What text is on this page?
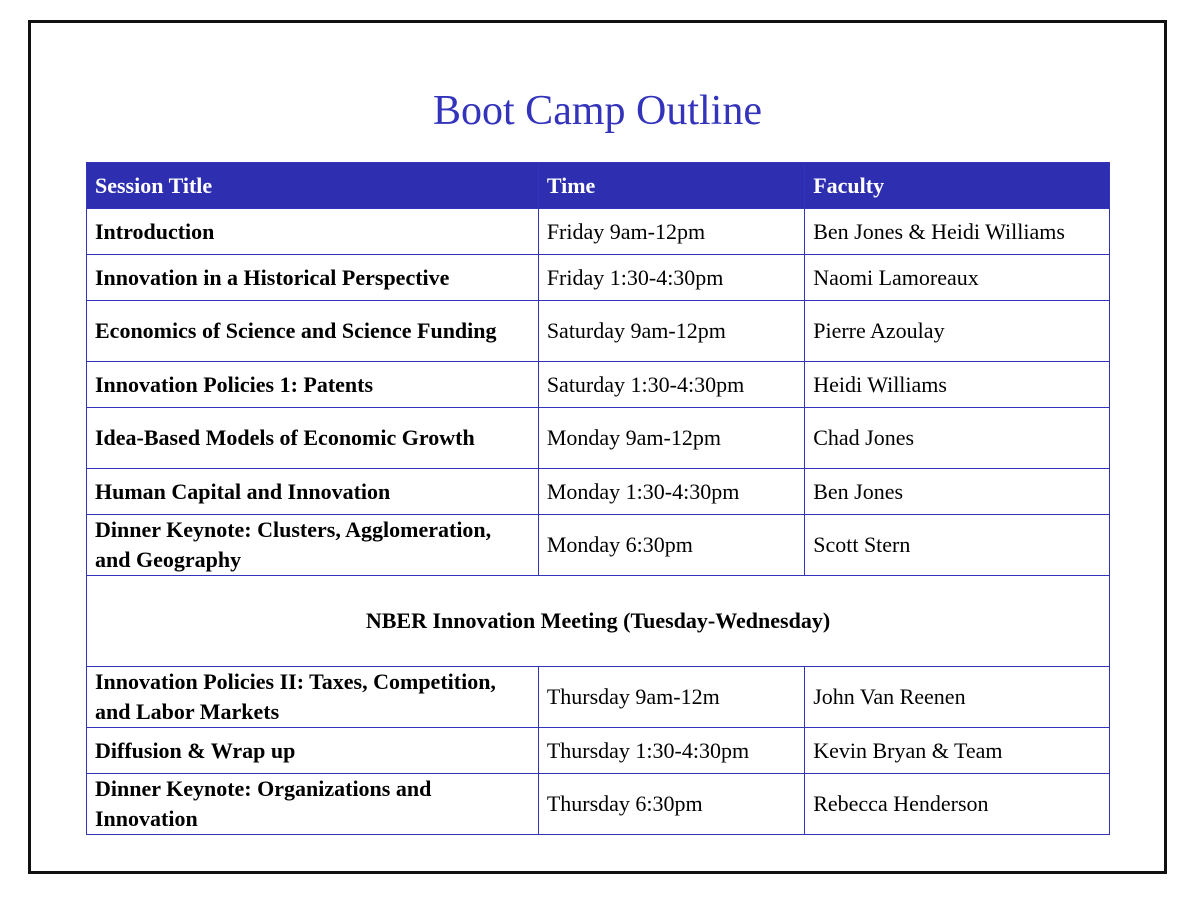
Boot Camp Outline
Session Title	Time	Faculty
Introduction	Friday 9am-12pm	Ben Jones & Heidi Williams
Innovation in a Historical Perspective	Friday 1:30-4:30pm	Naomi Lamoreaux
Economics of Science and Science Funding	Saturday 9am-12pm	Pierre Azoulay
Innovation Policies 1: Patents	Saturday 1:30-4:30pm	Heidi Williams
Idea-Based Models of Economic Growth	Monday 9am-12pm	Chad Jones
Human Capital and Innovation	Monday 1:30-4:30pm	Ben Jones
Dinner Keynote: Clusters, Agglomeration, and Geography	Monday 6:30pm	Scott Stern
NBER Innovation Meeting (Tuesday-Wednesday)		
Innovation Policies II: Taxes, Competition, and Labor Markets	Thursday 9am-12m	John Van Reenen
Diffusion & Wrap up	Thursday 1:30-4:30pm	Kevin Bryan & Team
Dinner Keynote: Organizations and Innovation	Thursday 6:30pm	Rebecca Henderson
